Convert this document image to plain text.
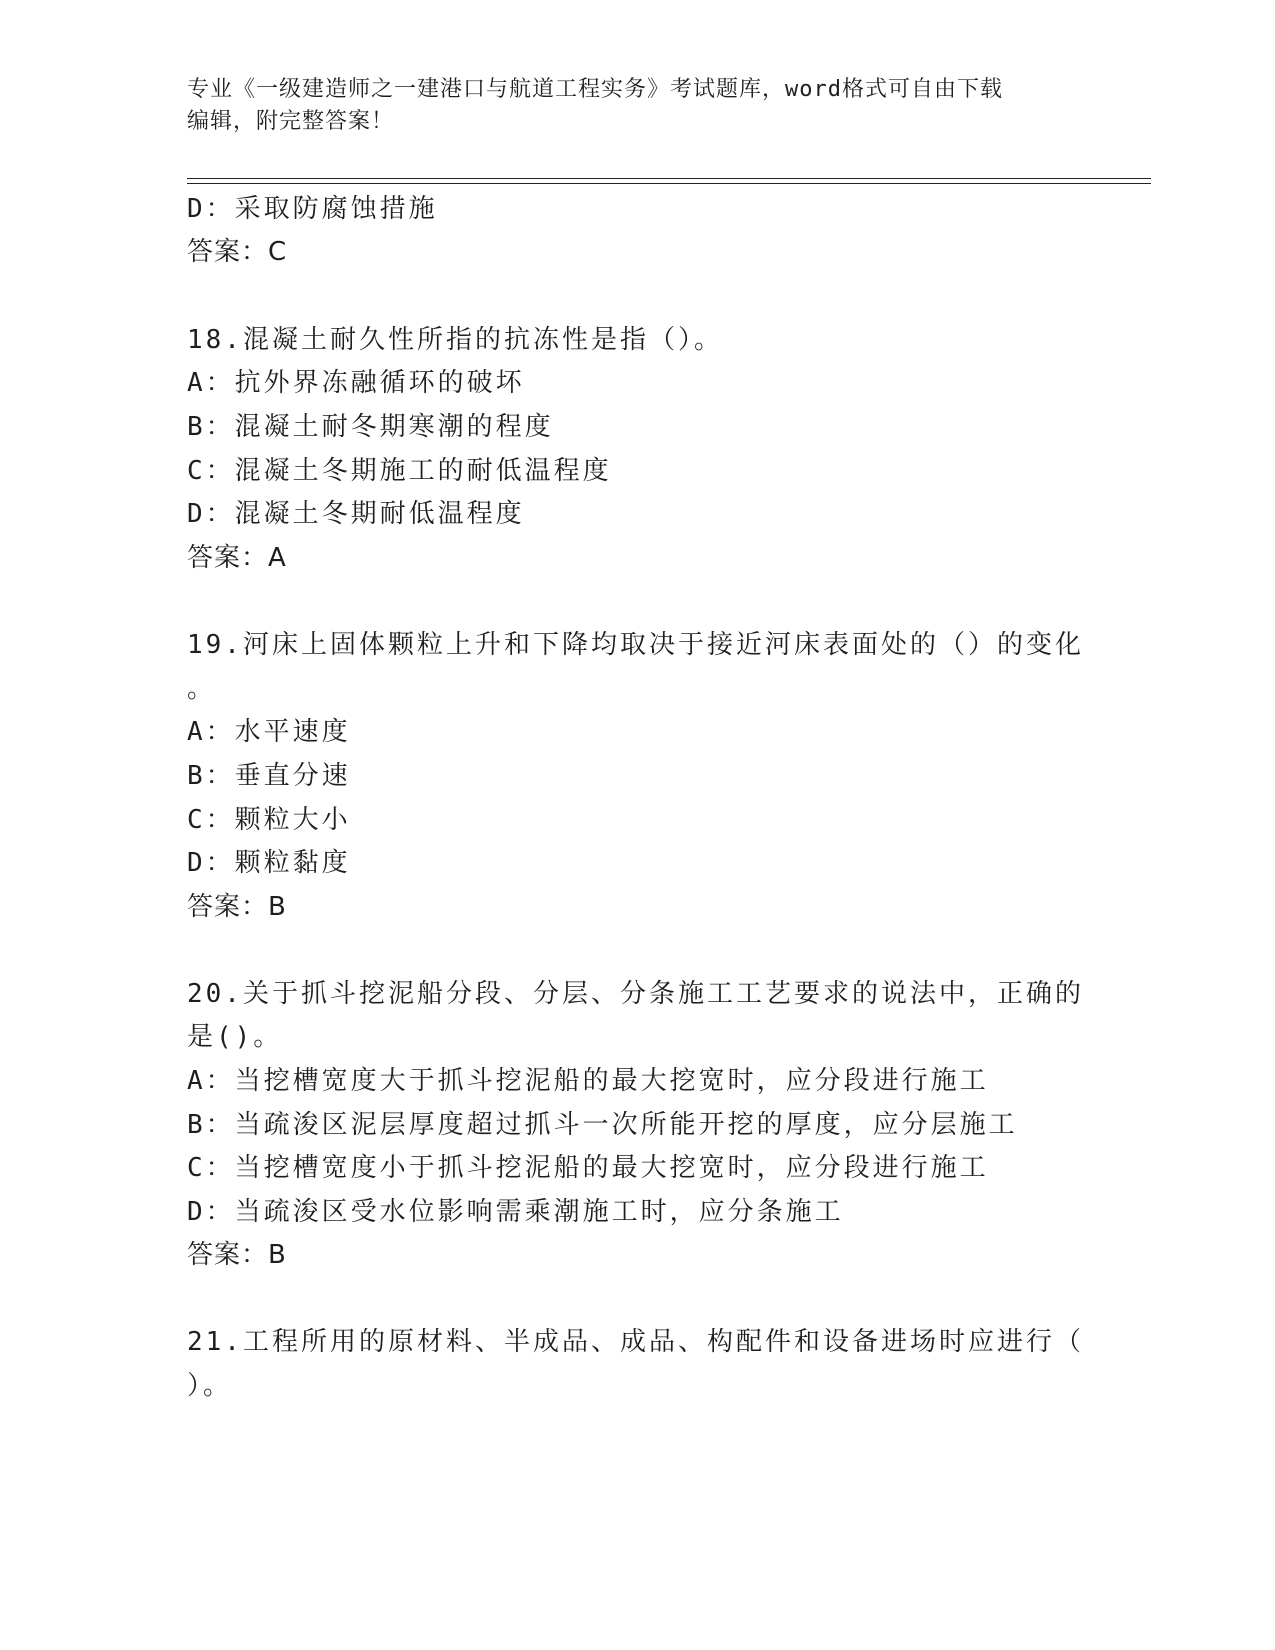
专业《一级建造师之一建港口与航道工程实务》考试题库，word格式可自由下载
编辑，附完整答案！
D：采取防腐蚀措施
答案：C
18.混凝土耐久性所指的抗冻性是指（）。
A：抗外界冻融循环的破坏
B：混凝土耐冬期寒潮的程度
C：混凝土冬期施工的耐低温程度
D：混凝土冬期耐低温程度
答案：A
19.河床上固体颗粒上升和下降均取决于接近河床表面处的（）的变化
。
A：水平速度
B：垂直分速
C：颗粒大小
D：颗粒黏度
答案：B
20.关于抓斗挖泥船分段、分层、分条施工工艺要求的说法中，正确的
是()。
A：当挖槽宽度大于抓斗挖泥船的最大挖宽时，应分段进行施工
B：当疏浚区泥层厚度超过抓斗一次所能开挖的厚度，应分层施工
C：当挖槽宽度小于抓斗挖泥船的最大挖宽时，应分段进行施工
D：当疏浚区受水位影响需乘潮施工时，应分条施工
答案：B
21.工程所用的原材料、半成品、成品、构配件和设备进场时应进行（
）。
